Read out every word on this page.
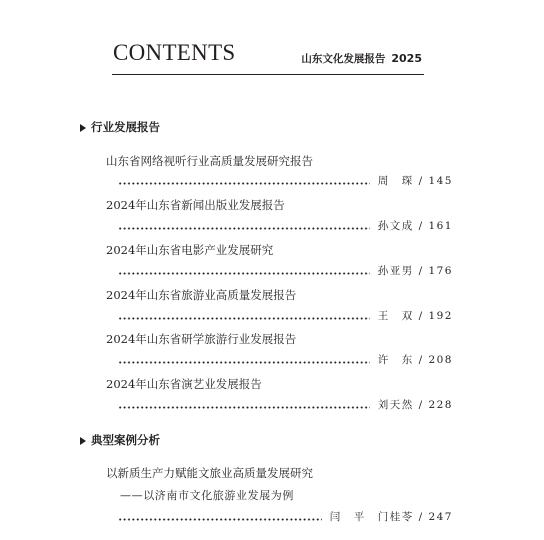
CONTENTS	山东文化发展报告 2025
行业发展报告
山东省网络视听行业高质量发展研究报告
周　琛 / 145
2024年山东省新闻出版业发展报告
孙文成 / 161
2024年山东省电影产业发展研究
孙亚男 / 176
2024年山东省旅游业高质量发展报告
王　双 / 192
2024年山东省研学旅游行业发展报告
许　东 / 208
2024年山东省演艺业发展报告
刘天然 / 228
典型案例分析
以新质生产力赋能文旅业高质量发展研究
——以济南市文化旅游业发展为例
闫　平　门桂苓 / 247
